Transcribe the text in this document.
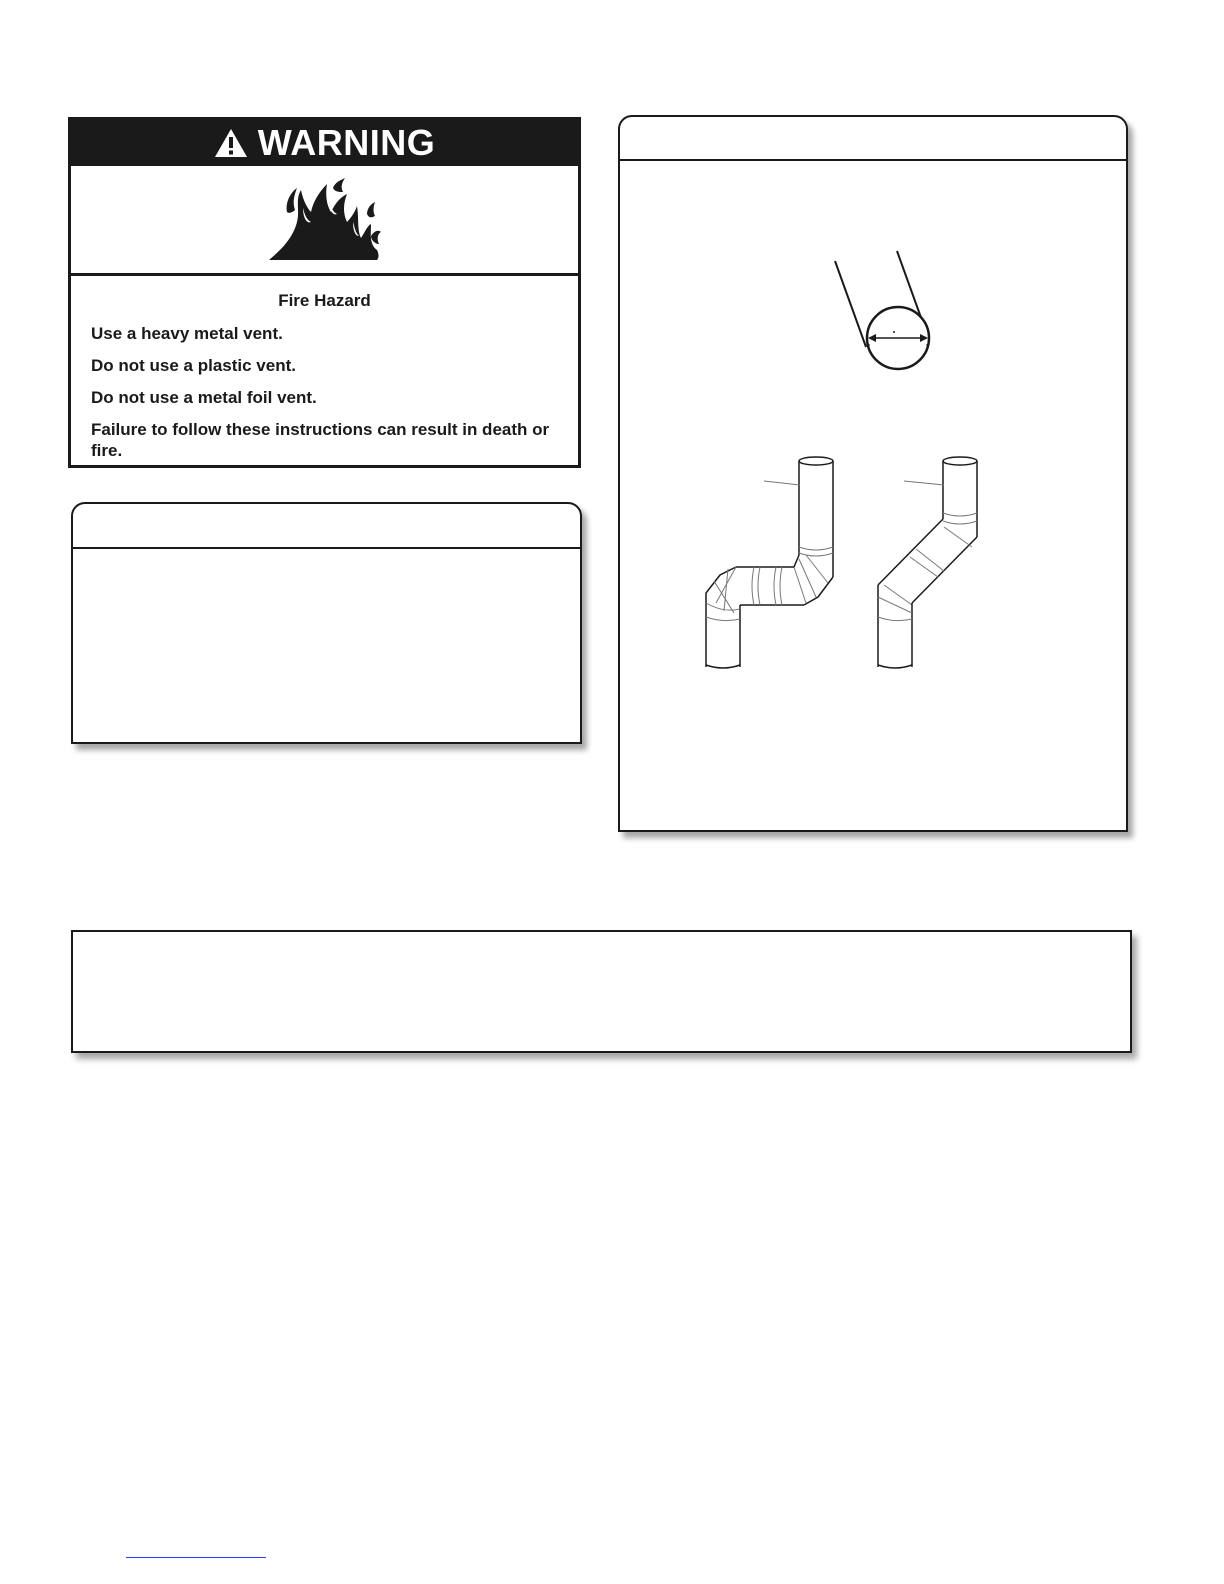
WARNING

Fire Hazard

Use a heavy metal vent.

Do not use a plastic vent.

Do not use a metal foil vent.

Failure to follow these instructions can result in death or fire.
